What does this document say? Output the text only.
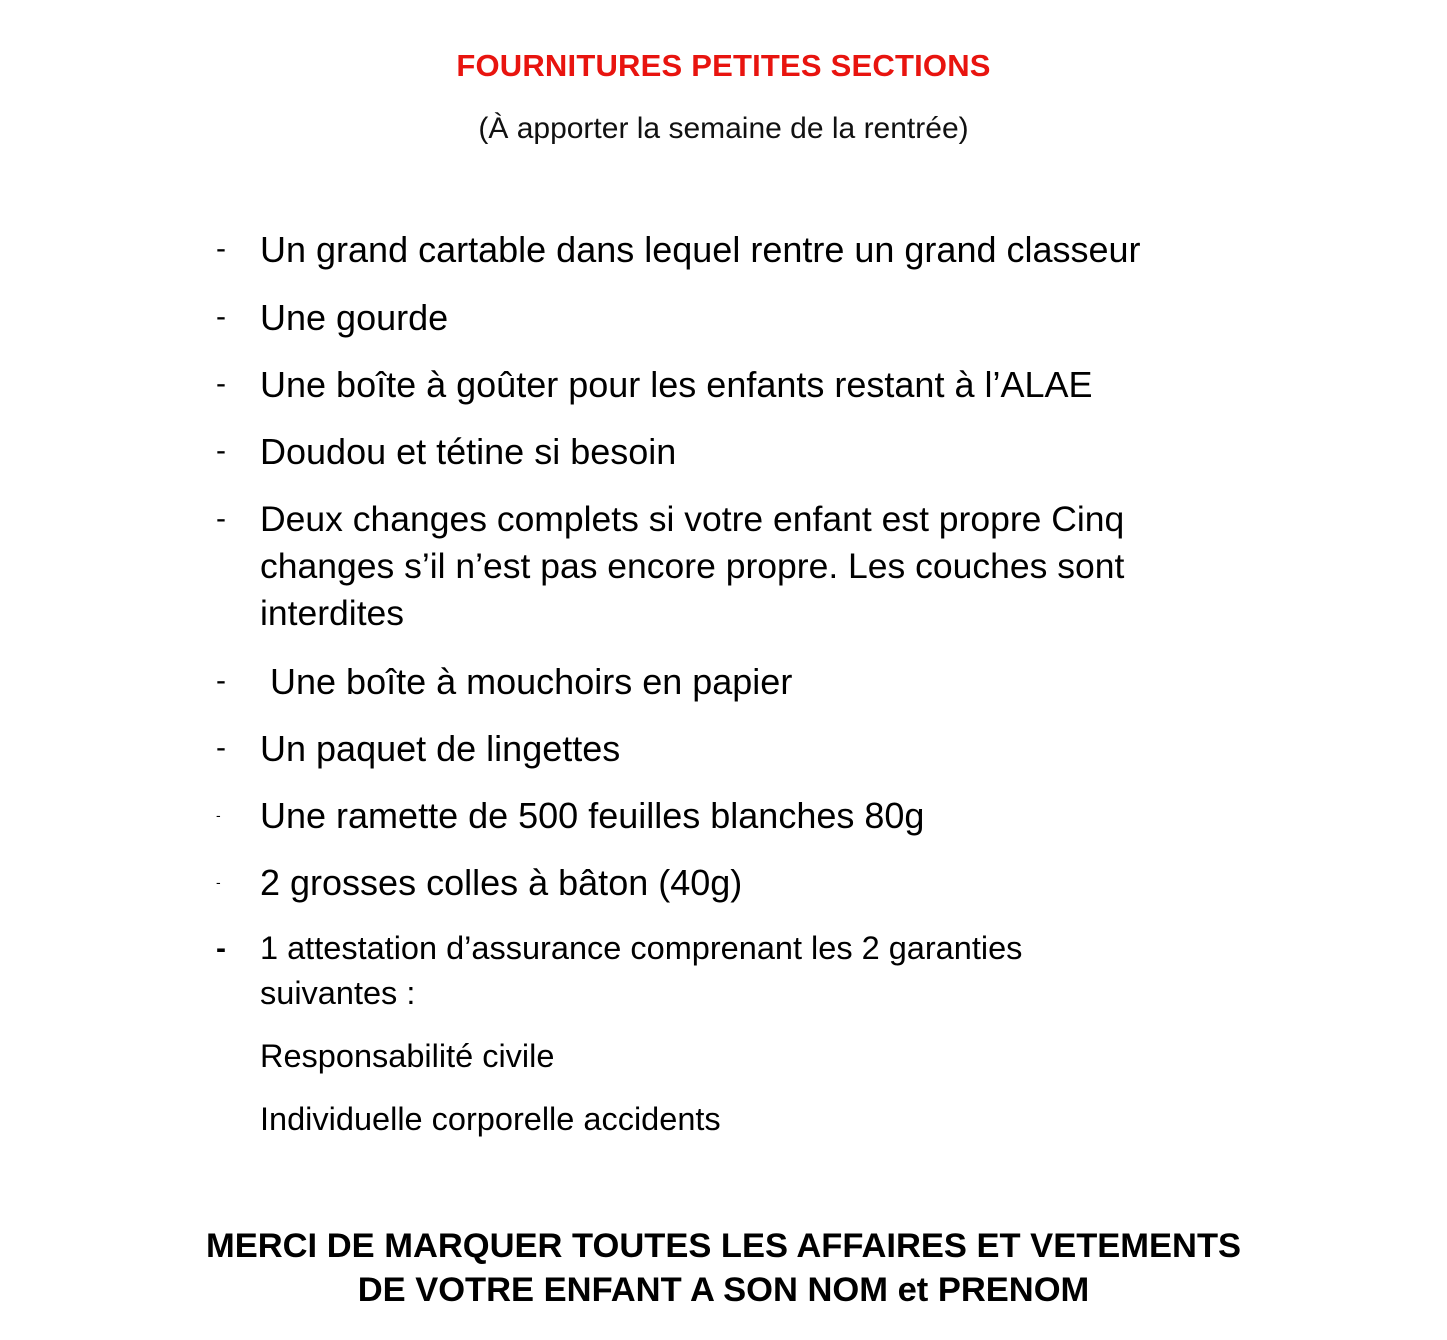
FOURNITURES PETITES SECTIONS
(À apporter la semaine de la rentrée)
- Un grand cartable dans lequel rentre un grand classeur
- Une gourde
- Une boîte à goûter pour les enfants restant à l’ALAE
- Doudou et tétine si besoin
- Deux changes complets si votre enfant est propre Cinq changes s’il n’est pas encore propre. Les couches sont interdites
- Une boîte à mouchoirs en papier
- Un paquet de lingettes
- Une ramette de 500 feuilles blanches 80g
- 2 grosses colles à bâton (40g)
- 1 attestation d’assurance comprenant les 2 garanties suivantes :
Responsabilité civile
Individuelle corporelle accidents
MERCI DE MARQUER TOUTES LES AFFAIRES ET VETEMENTS
DE VOTRE ENFANT A SON NOM et PRENOM
